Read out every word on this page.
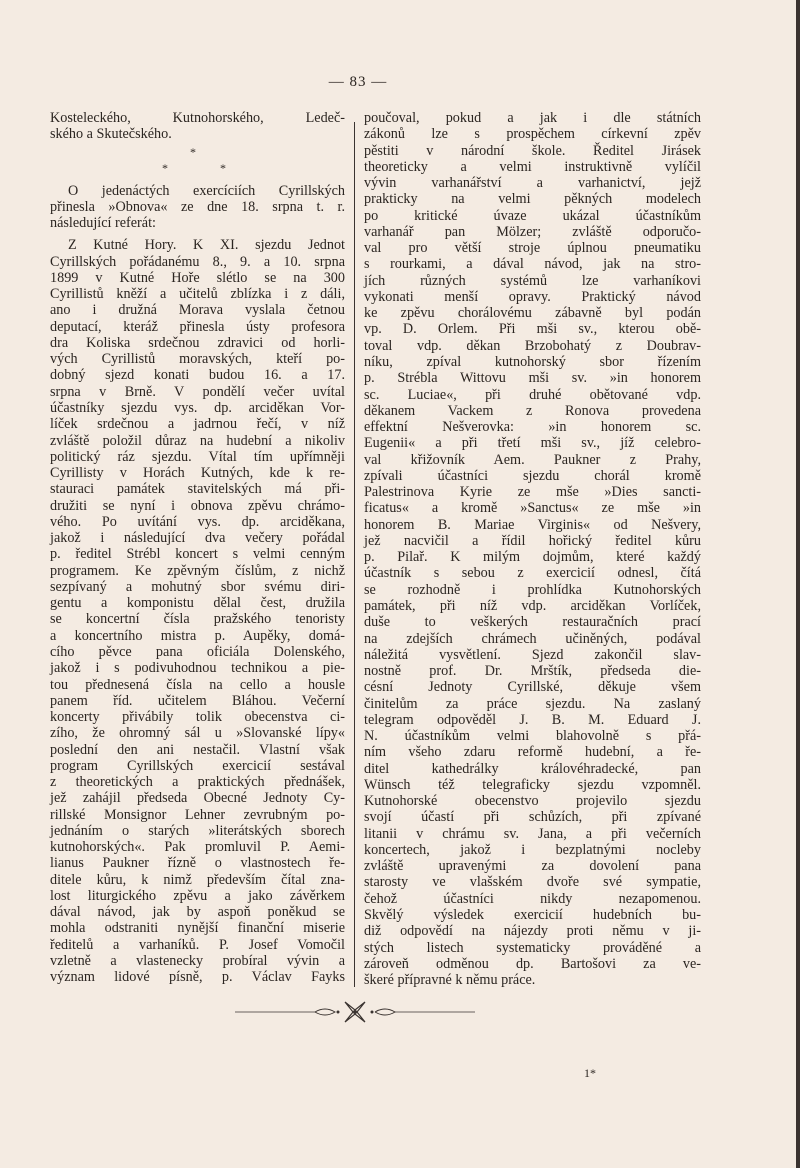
— 83 —
Kosteleckého, Kutnohorského, Ledeč-
ského a Skutečského.
*
*	*
O jedenáctých exercíciích Cyrillských
přinesla »Obnova« ze dne 18. srpna t. r.
následující referát:
Z Kutné Hory. K XI. sjezdu Jednot
Cyrillských pořádanému 8., 9. a 10. srpna
1899 v Kutné Hoře slétlo se na 300
Cyrillistů kněží a učitelů zblízka i z dáli,
ano i družná Morava vyslala četnou
deputací, kteráž přinesla ústy profesora
dra Koliska srdečnou zdravici od horli-
vých Cyrillistů moravských, kteří po-
dobný sjezd konati budou 16. a 17.
srpna v Brně. V pondělí večer uvítal
účastníky sjezdu vys. dp. arciděkan Vor-
líček srdečnou a jadrnou řečí, v níž
zvláště položil důraz na hudební a nikoliv
politický ráz sjezdu. Vítal tím upřímněji
Cyrillisty v Horách Kutných, kde k re-
stauraci památek stavitelských má při-
družiti se nyní i obnova zpěvu chrámo-
vého. Po uvítání vys. dp. arciděkana,
jakož i následující dva večery pořádal
p. ředitel Strébl koncert s velmi cenným
programem. Ke zpěvným číslům, z nichž
sezpívaný a mohutný sbor svému diri-
gentu a komponistu dělal čest, družila
se koncertní čísla pražského tenoristy
a koncertního mistra p. Aupěky, domá-
cího pěvce pana oficiála Dolenského,
jakož i s podivuhodnou technikou a pie-
tou přednesená čísla na cello a housle
panem říd. učitelem Bláhou. Večerní
koncerty přivábily tolik obecenstva ci-
zího, že ohromný sál u »Slovanské lípy«
poslední den ani nestačil. Vlastní však
program Cyrillských exercicií sestával
z theoretických a praktických přednášek,
jež zahájil předseda Obecné Jednoty Cy-
rillské Monsignor Lehner zevrubným po-
jednáním o starých »literátských sborech
kutnohorských«. Pak promluvil P. Aemi-
lianus Paukner řízně o vlastnostech ře-
ditele kůru, k nimž především čítal zna-
lost liturgického zpěvu a jako závěrkem
dával návod, jak by aspoň poněkud se
mohla odstraniti nynější finanční miserie
ředitelů a varhaníků. P. Josef Vomočil
vzletně a vlastenecky probíral vývin a
význam lidové písně, p. Václav Fayks
poučoval, pokud a jak i dle státních
zákonů lze s prospěchem církevní zpěv
pěstiti v národní škole. Ředitel Jirásek
theoreticky a velmi instruktivně vylíčil
vývin varhanářství a varhanictví, jejž
prakticky na velmi pěkných modelech
po kritické úvaze ukázal účastníkům
varhanář pan Mölzer; zvláště odporučo-
val pro větší stroje úplnou pneumatiku
s rourkami, a dával návod, jak na stro-
jích různých systémů lze varhaníkovi
vykonati menší opravy. Praktický návod
ke zpěvu chorálovému zábavně byl podán
vp. D. Orlem. Při mši sv., kterou obě-
toval vdp. děkan Brzobohatý z Doubrav-
níku, zpíval kutnohorský sbor řízením
p. Strébla Wittovu mši sv. »in honorem
sc. Luciae«, při druhé obětované vdp.
děkanem Vackem z Ronova provedena
effektní Nešverovka: »in honorem sc.
Eugenii« a při třetí mši sv., jíž celebro-
val křižovník Aem. Paukner z Prahy,
zpívali účastníci sjezdu chorál kromě
Palestrinova Kyrie ze mše »Dies sancti-
ficatus« a kromě »Sanctus« ze mše »in
honorem B. Mariae Virginis« od Nešvery,
jež nacvičil a řídil hořický ředitel kůru
p. Pilař. K milým dojmům, které každý
účastník s sebou z exercicií odnesl, čítá
se rozhodně i prohlídka Kutnohorských
památek, při níž vdp. arciděkan Vorlíček,
duše to veškerých restauračních prací
na zdejších chrámech učiněných, podával
náležitá vysvětlení. Sjezd zakončil slav-
nostně prof. Dr. Mrštík, předseda die-
césní Jednoty Cyrillské, děkuje všem
činitelům za práce sjezdu. Na zaslaný
telegram odpověděl J. B. M. Eduard J.
N. účastníkům velmi blahovolně s přá-
ním všeho zdaru reformě hudební, a ře-
ditel kathedrálky královéhradecké, pan
Wünsch též telegraficky sjezdu vzpomněl.
Kutnohorské obecenstvo projevilo sjezdu
svojí účastí při schůzích, při zpívané
litanii v chrámu sv. Jana, a při večerních
koncertech, jakož i bezplatnými nocleby
zvláště upravenými za dovolení pana
starosty ve vlašském dvoře své sympatie,
čehož účastníci nikdy nezapomenou.
Skvělý výsledek exercicií hudebních bu-
diž odpovědí na nájezdy proti němu v ji-
stých listech systematicky prováděné a
zároveň odměnou dp. Bartošovi za ve-
škeré přípravné k němu práce.
1*
